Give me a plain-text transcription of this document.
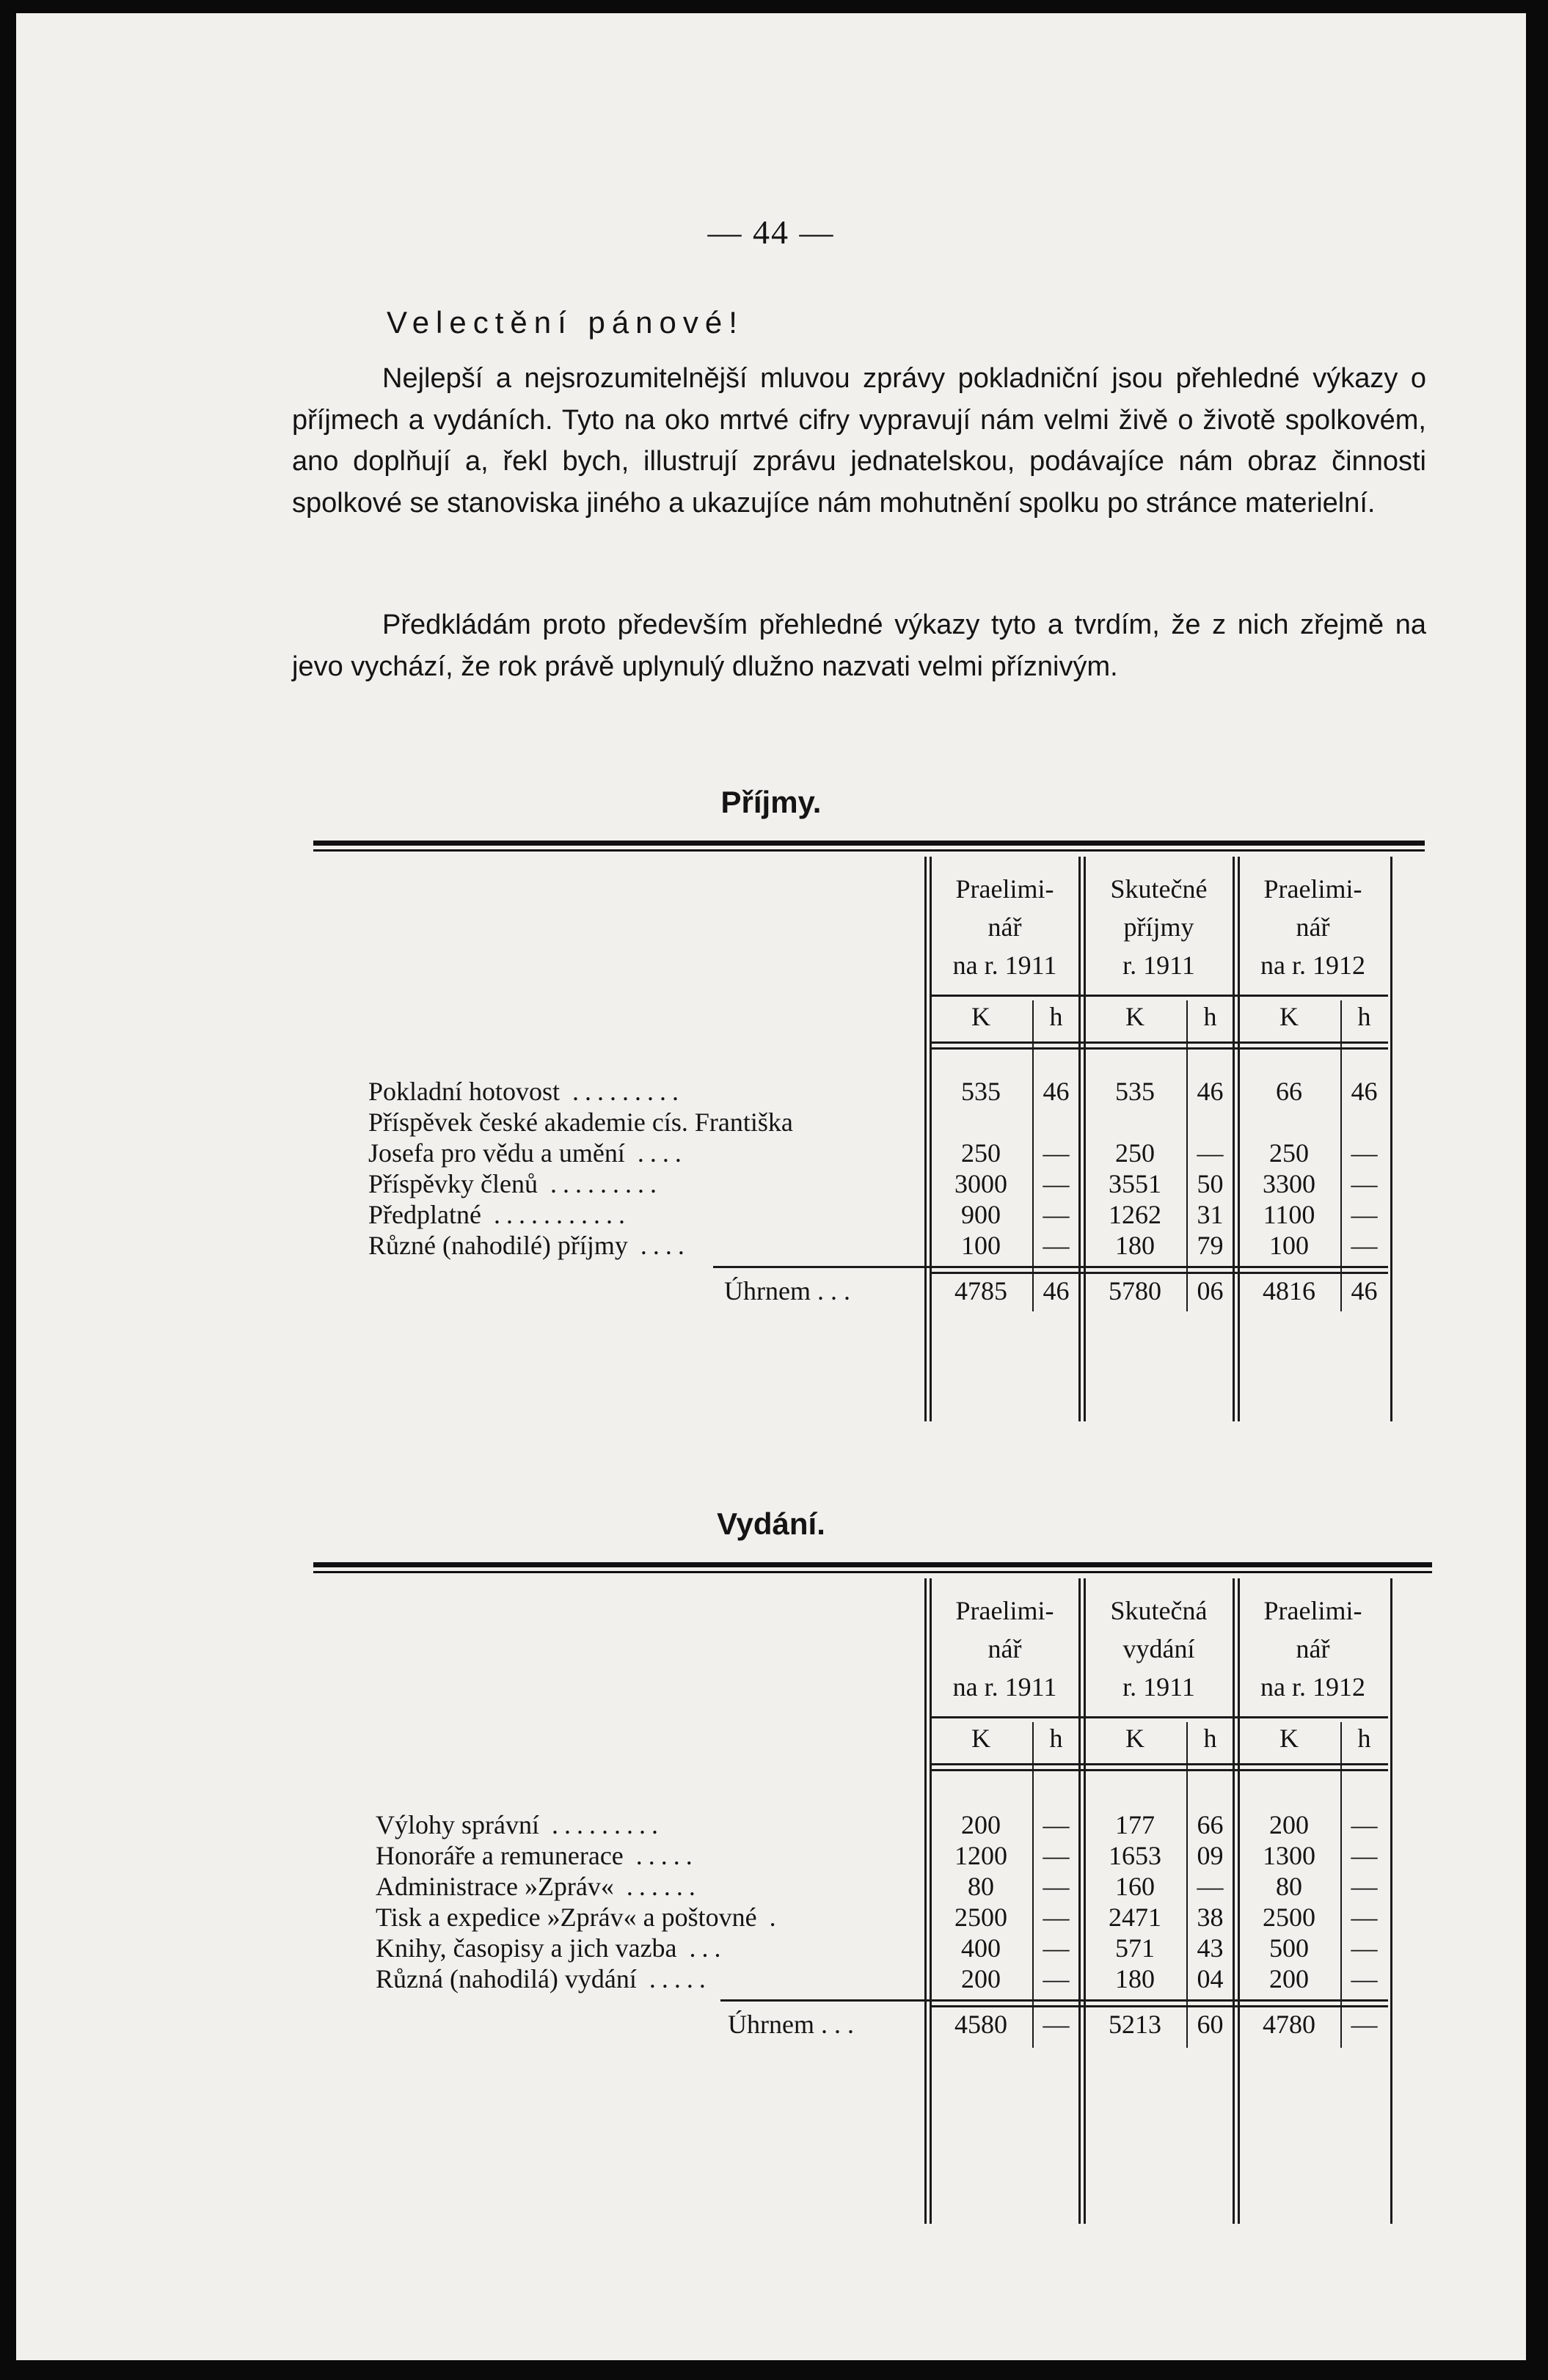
— 44 —
Velectění pánové!

Nejlepší a nejsrozumitelnější mluvou zprávy pokladniční jsou přehledné výkazy o příjmech a vydáních. Tyto na oko mrtvé cifry vypravují nám velmi živě o životě spolkovém, ano doplňují a, řekl bych, illustrují zprávu jednatelskou, podávajíce nám obraz činnosti spolkové se stanoviska jiného a ukazujíce nám mohutnění spolku po stránce materielní.

Předkládám proto především přehledné výkazy tyto a tvrdím, že z nich zřejmě na jevo vychází, že rok právě uplynulý dlužno nazvati velmi příznivým.

Příjmy.
Praelimi-
nář
na r. 1911
Skutečné
příjmy
r. 1911
Praelimi-
nář
na r. 1912
K	h	K	h	K	h
Pokladní hotovost .........	535	46	535	46	66	46
Příspěvek české akademie cís. Františka
Josefa pro vědu a umění ....	250	—	250	—	250	—
Příspěvky členů .........	3000	—	3551	50	3300	—
Předplatné ...........	900	—	1262	31	1100	—
Různé (nahodilé) příjmy ....	100	—	180	79	100	—
Úhrnem . . .	4785	46	5780	06	4816	46
Vydání.
Praelimi-
nář
na r. 1911
Skutečná
vydání
r. 1911
Praelimi-
nář
na r. 1912
K	h	K	h	K	h
Výlohy správní .........	200	—	177	66	200	—
Honoráře a remunerace .....	1200	—	1653	09	1300	—
Administrace »Zpráv« ......	80	—	160	—	80	—
Tisk a expedice »Zpráv« a poštovné .	2500	—	2471	38	2500	—
Knihy, časopisy a jich vazba ...	400	—	571	43	500	—
Různá (nahodilá) vydání .....	200	—	180	04	200	—
Úhrnem . . .	4580	—	5213	60	4780	—
